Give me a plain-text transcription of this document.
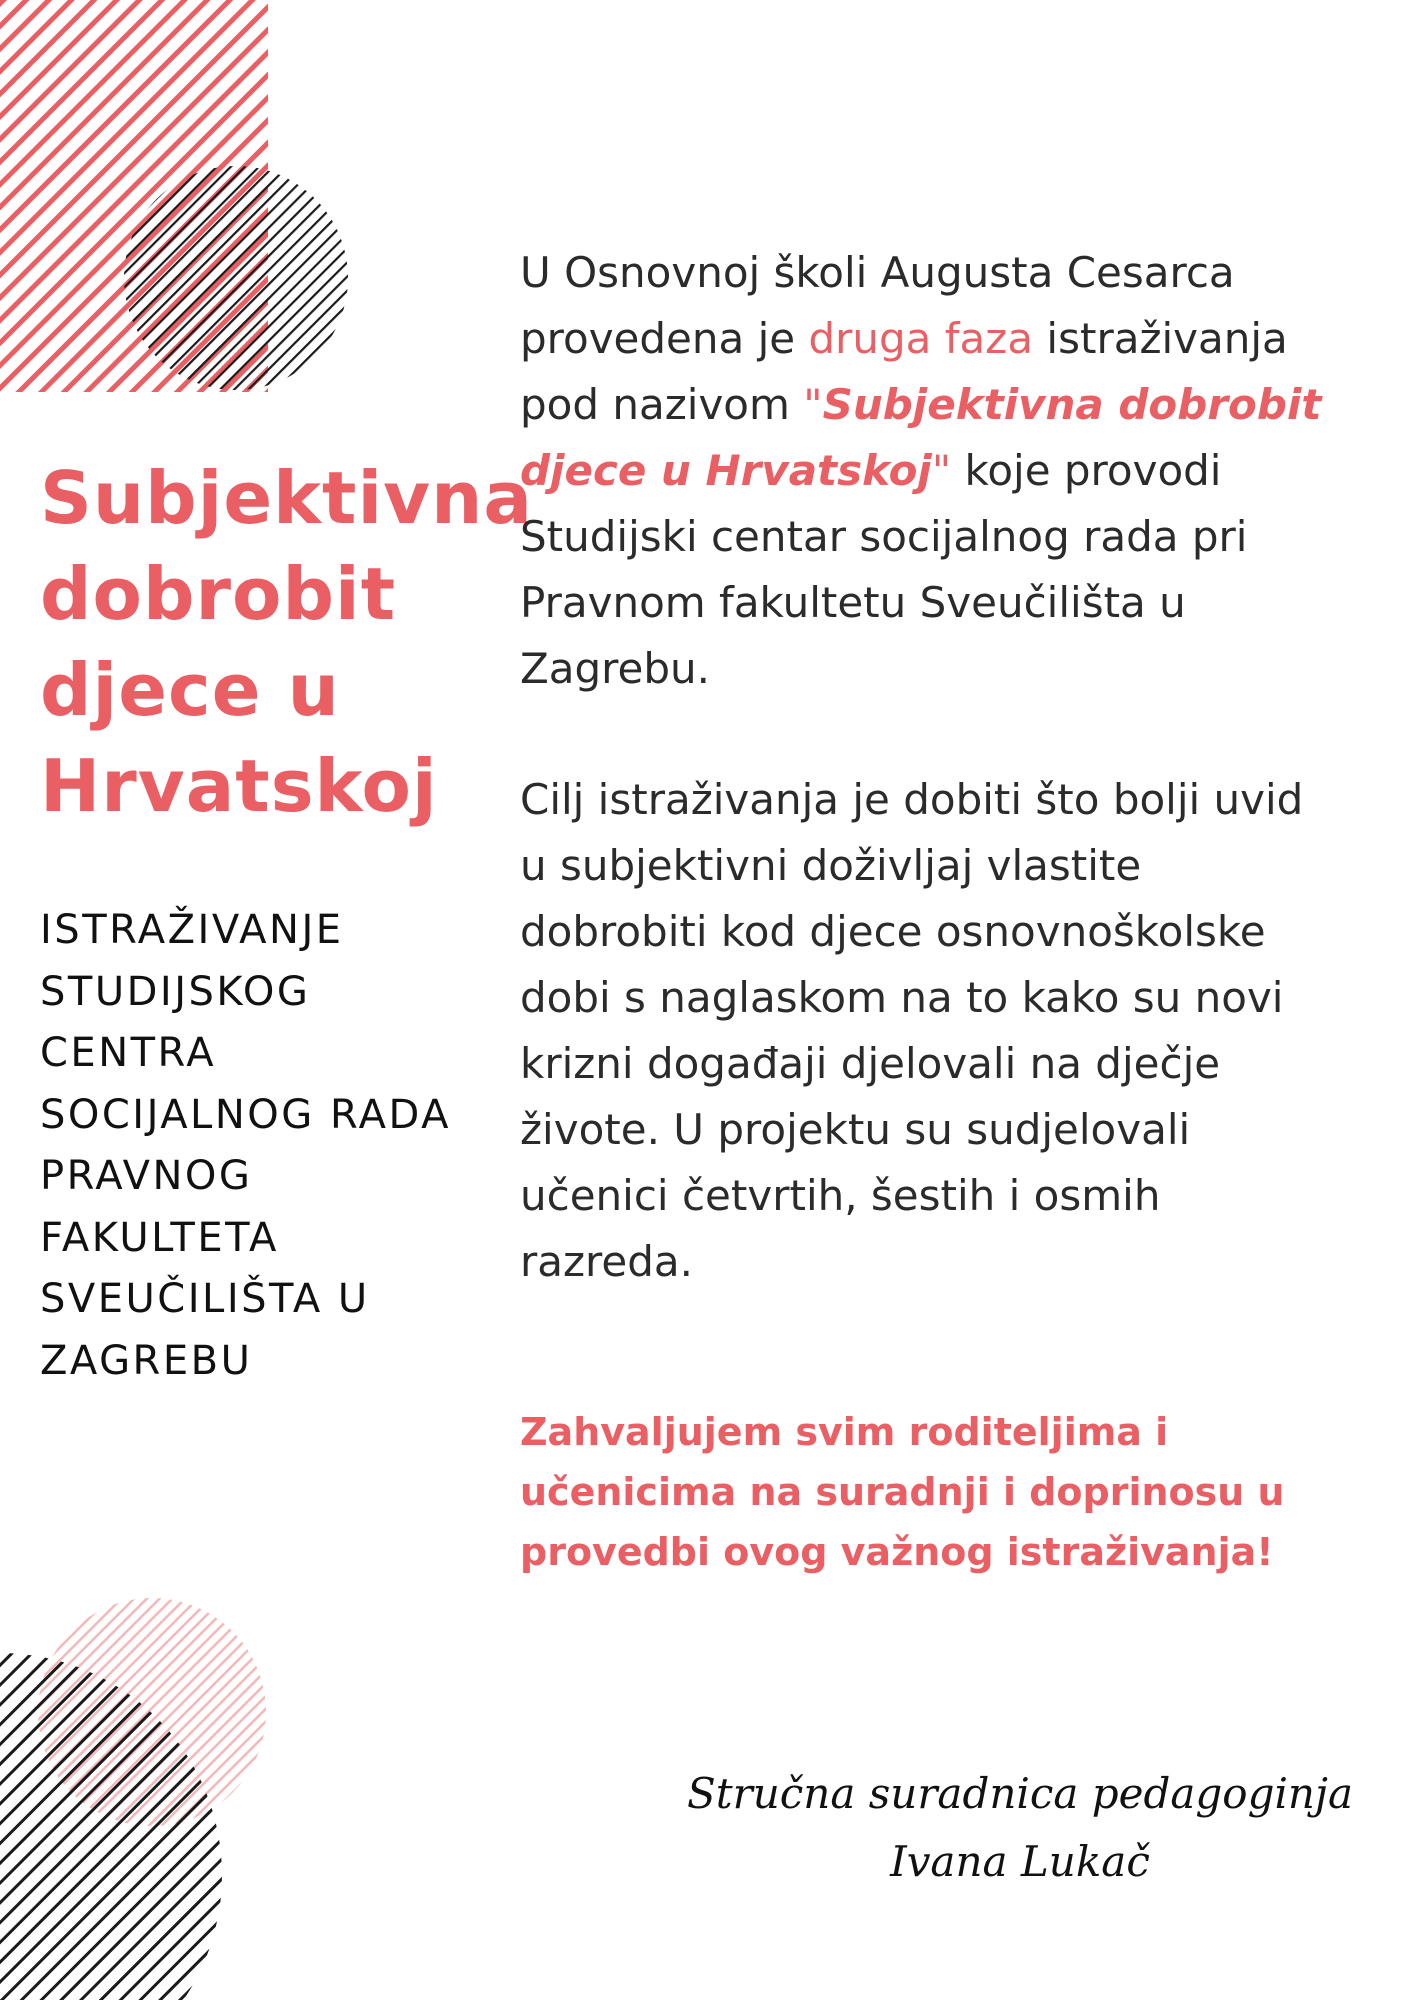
Subjektivna
dobrobit
djece u
Hrvatskoj
ISTRAŽIVANJE
STUDIJSKOG
CENTRA
SOCIJALNOG RADA
PRAVNOG
FAKULTETA
SVEUČILIŠTA U
ZAGREBU
U Osnovnoj školi Augusta Cesarca
provedena je druga faza istraživanja
pod nazivom "Subjektivna dobrobit
djece u Hrvatskoj" koje provodi
Studijski centar socijalnog rada pri
Pravnom fakultetu Sveučilišta u
Zagrebu.
Cilj istraživanja je dobiti što bolji uvid
u subjektivni doživljaj vlastite
dobrobiti kod djece osnovnoškolske
dobi s naglaskom na to kako su novi
krizni događaji djelovali na dječje
živote. U projektu su sudjelovali
učenici četvrtih, šestih i osmih
razreda.
Zahvaljujem svim roditeljima i
učenicima na suradnji i doprinosu u
provedbi ovog važnog istraživanja!
Stručna suradnica pedagoginja
Ivana Lukač
